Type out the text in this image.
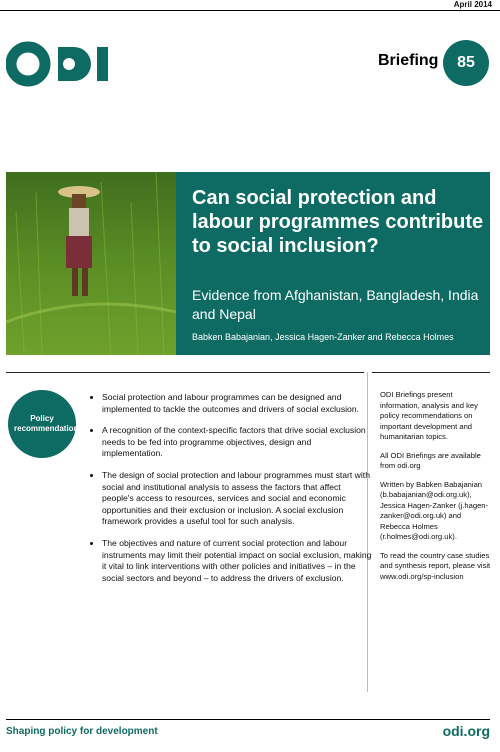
April 2014
Briefing 85
Can social protection and labour programmes contribute to social inclusion?
Evidence from Afghanistan, Bangladesh, India and Nepal
Babken Babajanian, Jessica Hagen-Zanker and Rebecca Holmes
Policy recommendations
• Social protection and labour programmes can be designed and implemented to tackle the outcomes and drivers of social exclusion.
• A recognition of the context-specific factors that drive social exclusion needs to be fed into programme objectives, design and implementation.
• The design of social protection and labour programmes must start with social and institutional analysis to assess the factors that affect people's access to resources, services and social and economic opportunities and their exclusion or inclusion. A social exclusion framework provides a useful tool for such analysis.
• The objectives and nature of current social protection and labour instruments may limit their potential impact on social exclusion, making it vital to link interventions with other policies and initiatives – in the social sectors and beyond – to address the drivers of exclusion.

ODI Briefings present information, analysis and key policy recommendations on important development and humanitarian topics.

All ODI Briefings are available from odi.org

Written by Babken Babajanian (b.babajanian@odi.org.uk), Jessica Hagen-Zanker (j.hagen-zanker@odi.org.uk) and Rebecca Holmes (r.holmes@odi.org.uk).

To read the country case studies and synthesis report, please visit www.odi.org/sp-inclusion

Shaping policy for development	odi.org
